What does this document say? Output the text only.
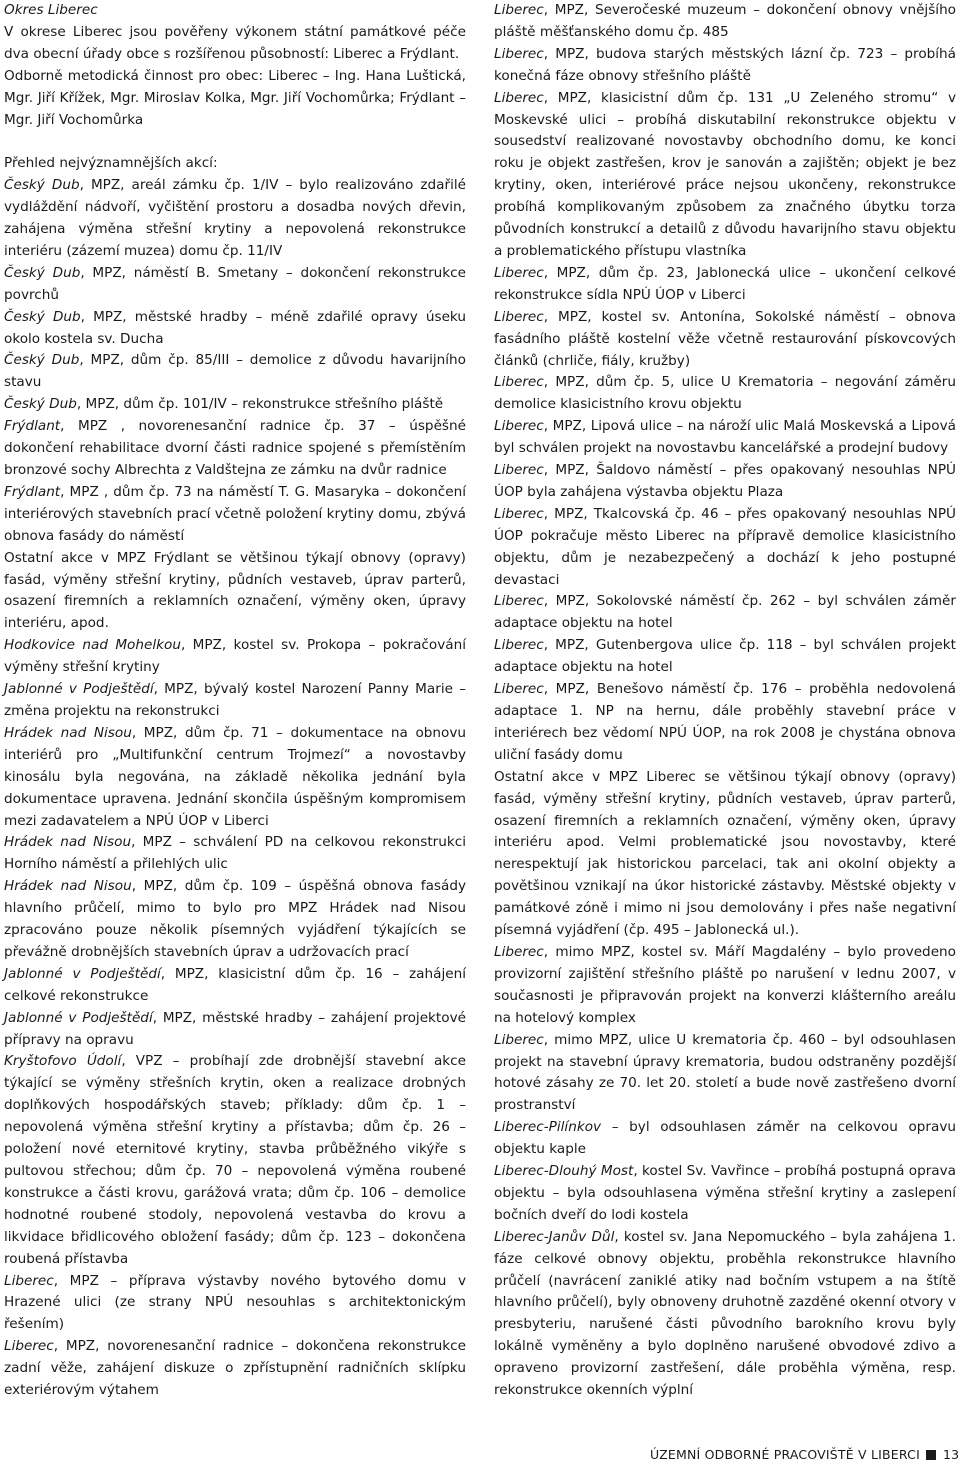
Okres Liberec

V okrese Liberec jsou pověřeny výkonem státní památkové péče dva obecní úřady obce s rozšířenou působností: Liberec a Frýdlant.

Odborně metodická činnost pro obec: Liberec – Ing. Hana Luštická, Mgr. Jiří Křížek, Mgr. Miroslav Kolka, Mgr. Jiří Vochomůrka; Frýdlant – Mgr. Jiří Vochomůrka

Přehled nejvýznamnějších akcí:

Český Dub, MPZ, areál zámku čp. 1/IV – bylo realizováno zdařilé vydláždění nádvoří, vyčištění prostoru a dosadba nových dřevin, zahájena výměna střešní krytiny a nepovolená rekonstrukce interiéru (zázemí muzea) domu čp. 11/IV

Český Dub, MPZ, náměstí B. Smetany – dokončení rekonstrukce povrchů

Český Dub, MPZ, městské hradby – méně zdařilé opravy úseku okolo kostela sv. Ducha

Český Dub, MPZ, dům čp. 85/III – demolice z důvodu havarijního stavu

Český Dub, MPZ, dům čp. 101/IV – rekonstrukce střešního pláště

Frýdlant, MPZ , novorenesanční radnice čp. 37 – úspěšné dokončení rehabilitace dvorní části radnice spojené s přemístěním bronzové sochy Albrechta z Valdštejna ze zámku na dvůr radnice

Frýdlant, MPZ , dům čp. 73 na náměstí T. G. Masaryka – dokončení interiérových stavebních prací včetně položení krytiny domu, zbývá obnova fasády do náměstí

Ostatní akce v MPZ Frýdlant se většinou týkají obnovy (opravy) fasád, výměny střešní krytiny, půdních vestaveb, úprav parterů, osazení firemních a reklamních označení, výměny oken, úpravy interiéru, apod.

Hodkovice nad Mohelkou, MPZ, kostel sv. Prokopa – pokračování výměny střešní krytiny

Jablonné v Podještědí, MPZ, bývalý kostel Narození Panny Marie – změna projektu na rekonstrukci

Hrádek nad Nisou, MPZ, dům čp. 71 – dokumentace na obnovu interiérů pro „Multifunkční centrum Trojmezí“ a novostavby kinosálu byla negována, na základě několika jednání byla dokumentace upravena. Jednání skončila úspěšným kompromisem mezi zadavatelem a NPÚ ÚOP v Liberci

Hrádek nad Nisou, MPZ – schválení PD na celkovou rekonstrukci Horního náměstí a přilehlých ulic

Hrádek nad Nisou, MPZ, dům čp. 109 – úspěšná obnova fasády hlavního průčelí, mimo to bylo pro MPZ Hrádek nad Nisou zpracováno pouze několik písemných vyjádření týkajících se převážně drobnějších stavebních úprav a udržovacích prací

Jablonné v Podještědí, MPZ, klasicistní dům čp. 16 – zahájení celkové rekonstrukce

Jablonné v Podještědí, MPZ, městské hradby – zahájení projektové přípravy na opravu

Kryštofovo Údolí, VPZ – probíhají zde drobnější stavební akce týkající se výměny střešních krytin, oken a realizace drobných doplňkových hospodářských staveb; příklady: dům čp. 1 – nepovolená výměna střešní krytiny a přístavba; dům čp. 26 – položení nové eternitové krytiny, stavba průběžného vikýře s pultovou střechou; dům čp. 70 – nepovolená výměna roubené konstrukce a části krovu, garážová vrata; dům čp. 106 – demolice hodnotné roubené stodoly, nepovolená vestavba do krovu a likvidace břidlicového obložení fasády; dům čp. 123 – dokončena roubená přístavba

Liberec, MPZ – příprava výstavby nového bytového domu v Hrazené ulici (ze strany NPÚ nesouhlas s architektonickým řešením)

Liberec, MPZ, novorenesanční radnice – dokončena rekonstrukce zadní věže, zahájení diskuze o zpřístupnění radničních sklípku exteriérovým výtahem

Liberec, MPZ, Severočeské muzeum – dokončení obnovy vnějšího pláště měšťanského domu čp. 485

Liberec, MPZ, budova starých městských lázní čp. 723 – probíhá konečná fáze obnovy střešního pláště

Liberec, MPZ, klasicistní dům čp. 131 „U Zeleného stromu“ v Moskevské ulici – probíhá diskutabilní rekonstrukce objektu v sousedství realizované novostavby obchodního domu, ke konci roku je objekt zastřešen, krov je sanován a zajištěn; objekt je bez krytiny, oken, interiérové práce nejsou ukončeny, rekonstrukce probíhá komplikovaným způsobem za značného úbytku torza původních konstrukcí a detailů z důvodu havarijního stavu objektu a problematického přístupu vlastníka

Liberec, MPZ, dům čp. 23, Jablonecká ulice – ukončení celkové rekonstrukce sídla NPÚ ÚOP v Liberci

Liberec, MPZ, kostel sv. Antonína, Sokolské náměstí – obnova fasádního pláště kostelní věže včetně restaurování pískovcových článků (chrliče, fiály, kružby)

Liberec, MPZ, dům čp. 5, ulice U Krematoria – negování záměru demolice klasicistního krovu objektu

Liberec, MPZ, Lipová ulice – na nároží ulic Malá Moskevská a Lipová byl schválen projekt na novostavbu kancelářské a prodejní budovy

Liberec, MPZ, Šaldovo náměstí – přes opakovaný nesouhlas NPÚ ÚOP byla zahájena výstavba objektu Plaza

Liberec, MPZ, Tkalcovská čp. 46 – přes opakovaný nesouhlas NPÚ ÚOP pokračuje město Liberec na přípravě demolice klasicistního objektu, dům je nezabezpečený a dochází k jeho postupné devastaci

Liberec, MPZ, Sokolovské náměstí čp. 262 – byl schválen záměr adaptace objektu na hotel

Liberec, MPZ, Gutenbergova ulice čp. 118 – byl schválen projekt adaptace objektu na hotel

Liberec, MPZ, Benešovo náměstí čp. 176 – proběhla nedovolená adaptace 1. NP na hernu, dále proběhly stavební práce v interiérech bez vědomí NPÚ ÚOP, na rok 2008 je chystána obnova uliční fasády domu

Ostatní akce v MPZ Liberec se většinou týkají obnovy (opravy) fasád, výměny střešní krytiny, půdních vestaveb, úprav parterů, osazení firemních a reklamních označení, výměny oken, úpravy interiéru apod. Velmi problematické jsou novostavby, které nerespektují jak historickou parcelaci, tak ani okolní objekty a povětšinou vznikají na úkor historické zástavby. Městské objekty v památkové zóně i mimo ni jsou demolovány i přes naše negativní písemná vyjádření (čp. 495 – Jablonecká ul.).

Liberec, mimo MPZ, kostel sv. Máří Magdalény – bylo provedeno provizorní zajištění střešního pláště po narušení v lednu 2007, v současnosti je připravován projekt na konverzi klášterního areálu na hotelový komplex

Liberec, mimo MPZ, ulice U krematoria čp. 460 – byl odsouhlasen projekt na stavební úpravy krematoria, budou odstraněny pozdější hotové zásahy ze 70. let 20. století a bude nově zastřešeno dvorní prostranství

Liberec-Pilínkov – byl odsouhlasen záměr na celkovou opravu objektu kaple

Liberec-Dlouhý Most, kostel Sv. Vavřince – probíhá postupná oprava objektu – byla odsouhlasena výměna střešní krytiny a zaslepení bočních dveří do lodi kostela

Liberec-Janův Důl, kostel sv. Jana Nepomuckého – byla zahájena 1. fáze celkové obnovy objektu, proběhla rekonstrukce hlavního průčelí (navrácení zaniklé atiky nad bočním vstupem a na štítě hlavního průčelí), byly obnoveny druhotně zazděné okenní otvory v presbyteriu, narušené části původního barokního krovu byly lokálně vyměněny a bylo doplněno narušené obvodové zdivo a opraveno provizorní zastřešení, dále proběhla výměna, resp. rekonstrukce okenních výplní

ÚZEMNÍ ODBORNÉ PRACOVIŠTĚ V LIBERCI 13
